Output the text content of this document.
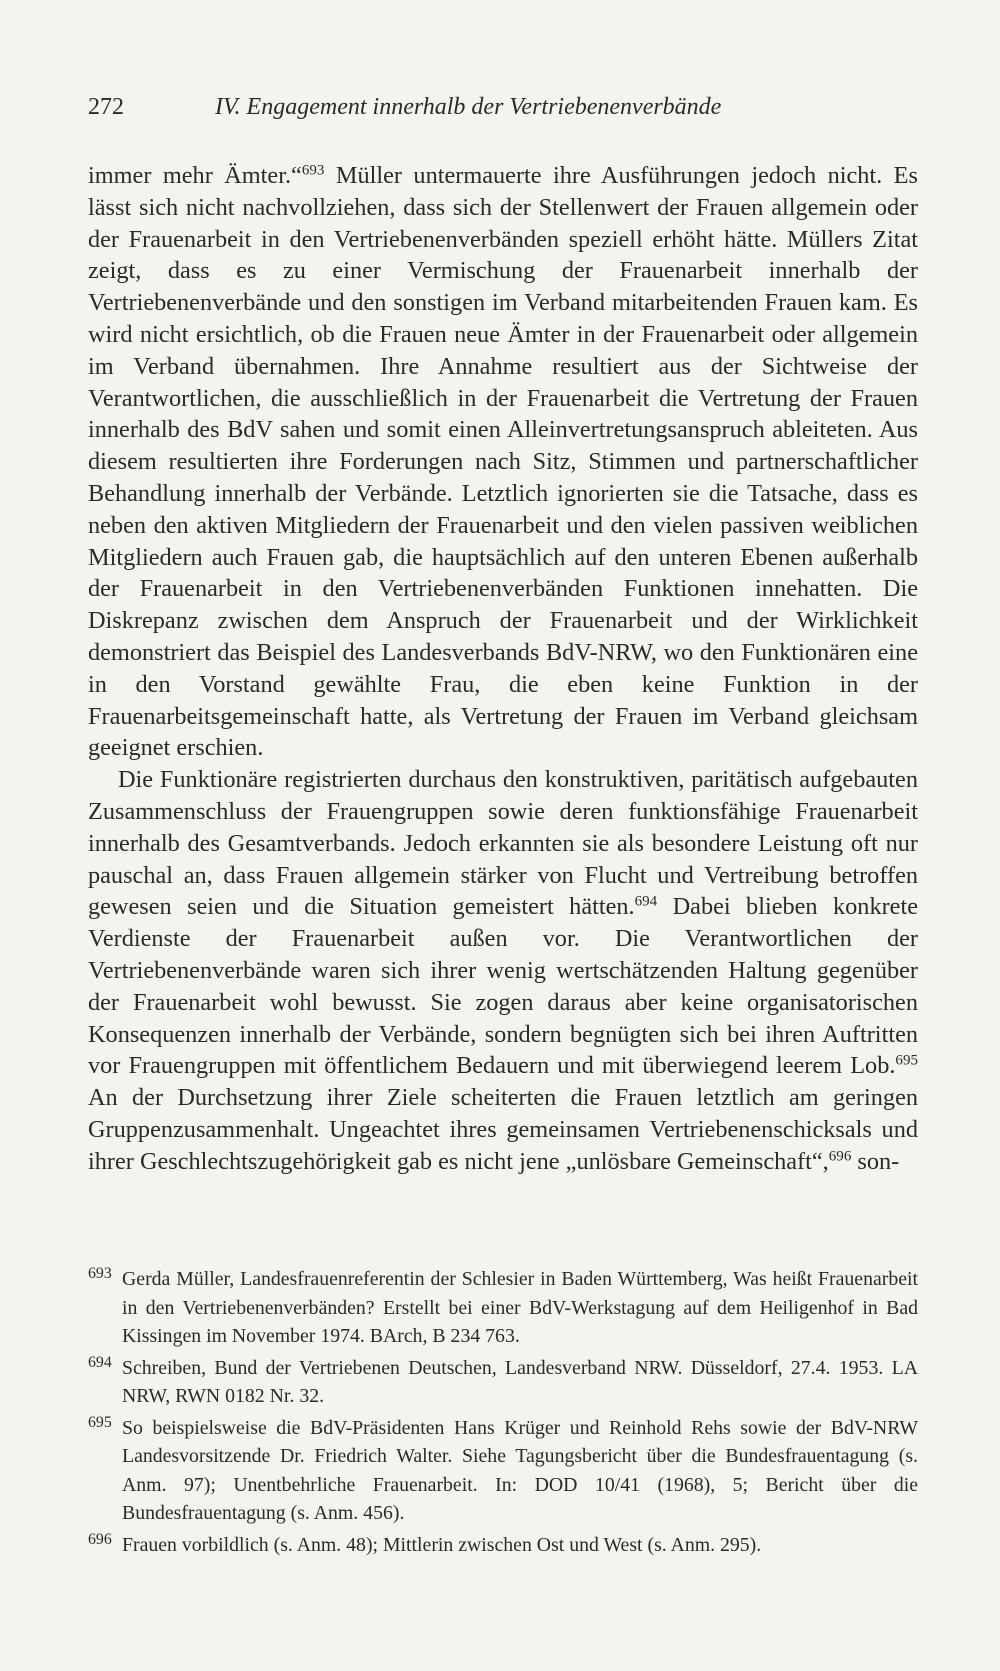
272	IV. Engagement innerhalb der Vertriebenenverbände

immer mehr Ämter.“$^{693}$ Müller untermauerte ihre Ausführungen jedoch nicht. Es lässt sich nicht nachvollziehen, dass sich der Stellenwert der Frauen allgemein oder der Frauenarbeit in den Vertriebenenverbänden speziell erhöht hätte. Müllers Zitat zeigt, dass es zu einer Vermischung der Frauenarbeit innerhalb der Vertriebenenverbände und den sonstigen im Verband mitarbeitenden Frauen kam. Es wird nicht ersichtlich, ob die Frauen neue Ämter in der Frauenarbeit oder allgemein im Verband übernahmen. Ihre Annahme resultiert aus der Sichtweise der Verantwortlichen, die ausschließlich in der Frauenarbeit die Vertretung der Frauen innerhalb des BdV sahen und somit einen Alleinvertretungsanspruch ableiteten. Aus diesem resultierten ihre Forderungen nach Sitz, Stimmen und partnerschaftlicher Behandlung innerhalb der Verbände. Letztlich ignorierten sie die Tatsache, dass es neben den aktiven Mitgliedern der Frauenarbeit und den vielen passiven weiblichen Mitgliedern auch Frauen gab, die hauptsächlich auf den unteren Ebenen außerhalb der Frauenarbeit in den Vertriebenenverbänden Funktionen innehatten. Die Diskrepanz zwischen dem Anspruch der Frauenarbeit und der Wirklichkeit demonstriert das Beispiel des Landesverbands BdV-NRW, wo den Funktionären eine in den Vorstand gewählte Frau, die eben keine Funktion in der Frauenarbeitsgemeinschaft hatte, als Vertretung der Frauen im Verband gleichsam geeignet erschien.

Die Funktionäre registrierten durchaus den konstruktiven, paritätisch aufgebauten Zusammenschluss der Frauengruppen sowie deren funktionsfähige Frauenarbeit innerhalb des Gesamtverbands. Jedoch erkannten sie als besondere Leistung oft nur pauschal an, dass Frauen allgemein stärker von Flucht und Vertreibung betroffen gewesen seien und die Situation gemeistert hätten.$^{694}$ Dabei blieben konkrete Verdienste der Frauenarbeit außen vor. Die Verantwortlichen der Vertriebenenverbände waren sich ihrer wenig wertschätzenden Haltung gegenüber der Frauenarbeit wohl bewusst. Sie zogen daraus aber keine organisatorischen Konsequenzen innerhalb der Verbände, sondern begnügten sich bei ihren Auftritten vor Frauengruppen mit öffentlichem Bedauern und mit überwiegend leerem Lob.$^{695}$ An der Durchsetzung ihrer Ziele scheiterten die Frauen letztlich am geringen Gruppenzusammenhalt. Ungeachtet ihres gemeinsamen Vertriebenenschicksals und ihrer Geschlechtszugehörigkeit gab es nicht jene „unlösbare Gemeinschaft“,$^{696}$ son-

693 Gerda Müller, Landesfrauenreferentin der Schlesier in Baden Württemberg, Was heißt Frauenarbeit in den Vertriebenenverbänden? Erstellt bei einer BdV-Werkstagung auf dem Heiligenhof in Bad Kissingen im November 1974. BArch, B 234 763.
694 Schreiben, Bund der Vertriebenen Deutschen, Landesverband NRW. Düsseldorf, 27.4. 1953. LA NRW, RWN 0182 Nr. 32.
695 So beispielsweise die BdV-Präsidenten Hans Krüger und Reinhold Rehs sowie der BdV-NRW Landesvorsitzende Dr. Friedrich Walter. Siehe Tagungsbericht über die Bundesfrauentagung (s. Anm. 97); Unentbehrliche Frauenarbeit. In: DOD 10/41 (1968), 5; Bericht über die Bundesfrauentagung (s. Anm. 456).
696 Frauen vorbildlich (s. Anm. 48); Mittlerin zwischen Ost und West (s. Anm. 295).
